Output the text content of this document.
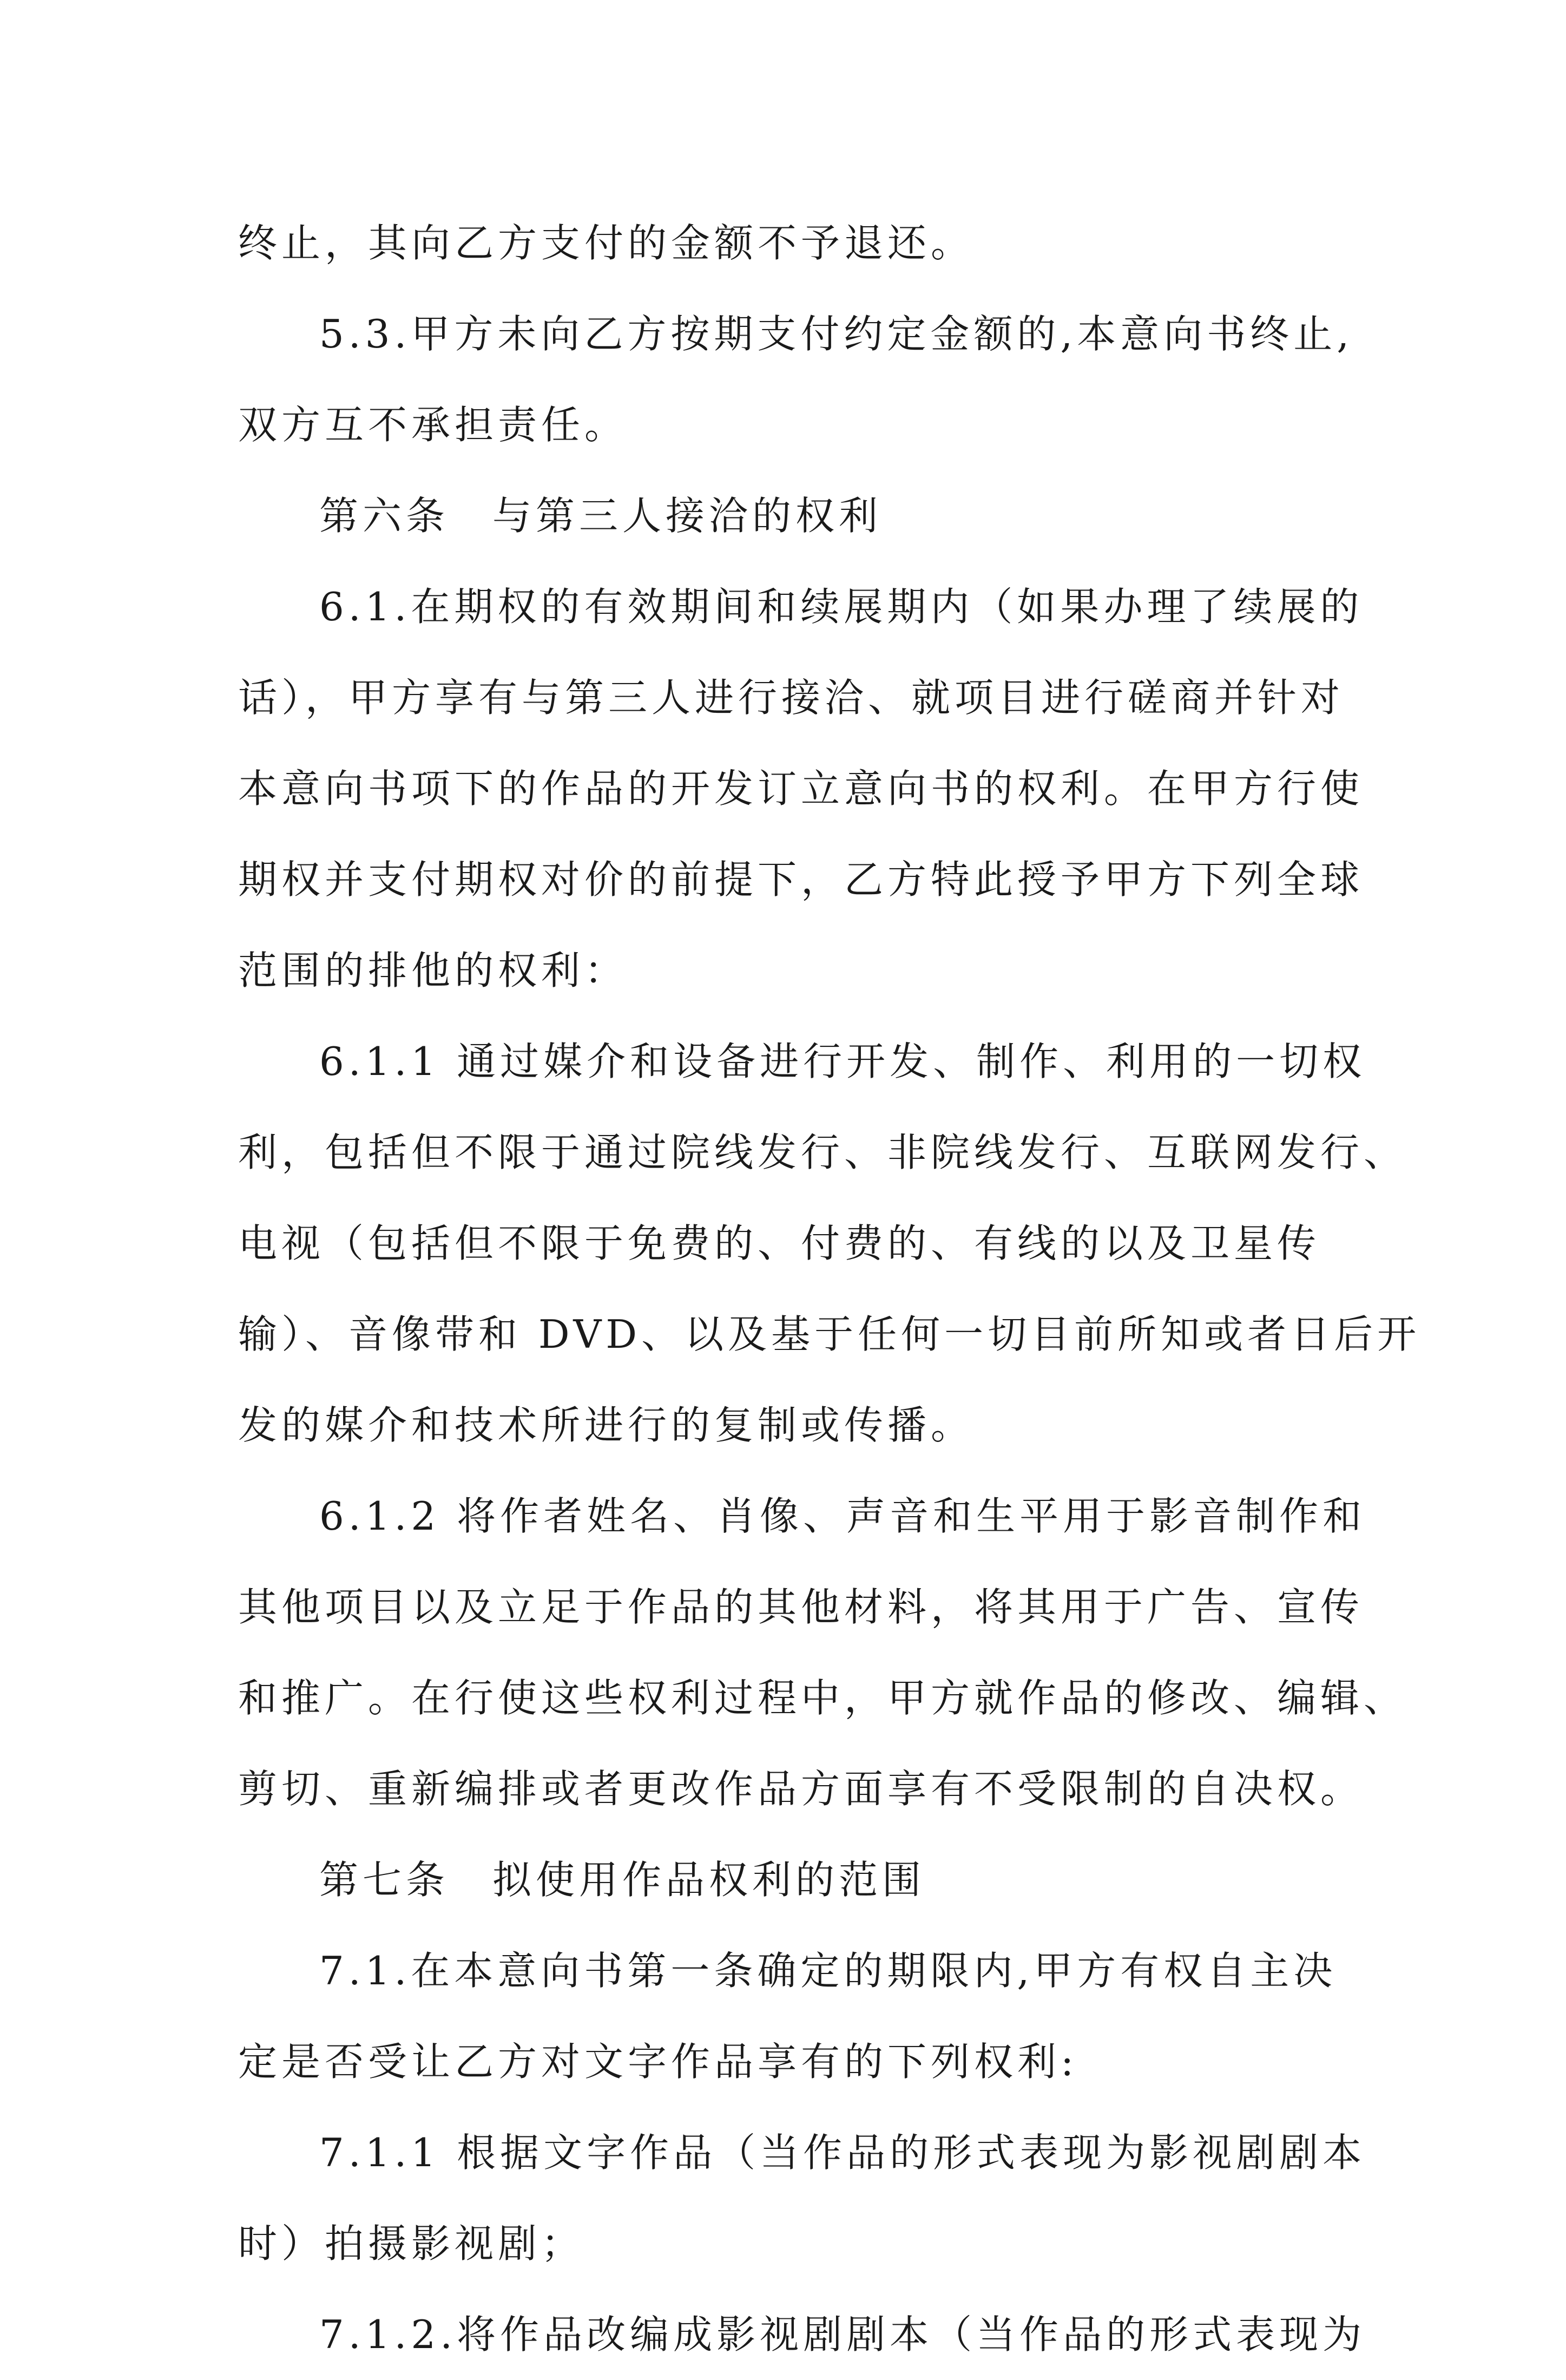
终止，其向乙方支付的金额不予退还。
5.3.甲方未向乙方按期支付约定金额的,本意向书终止,
双方互不承担责任。
第六条　与第三人接洽的权利
6.1.在期权的有效期间和续展期内（如果办理了续展的
话），甲方享有与第三人进行接洽、就项目进行磋商并针对
本意向书项下的作品的开发订立意向书的权利。在甲方行使
期权并支付期权对价的前提下，乙方特此授予甲方下列全球
范围的排他的权利：
6.1.1 通过媒介和设备进行开发、制作、利用的一切权
利，包括但不限于通过院线发行、非院线发行、互联网发行、
电视（包括但不限于免费的、付费的、有线的以及卫星传
输）、音像带和 DVD、以及基于任何一切目前所知或者日后开
发的媒介和技术所进行的复制或传播。
6.1.2 将作者姓名、肖像、声音和生平用于影音制作和
其他项目以及立足于作品的其他材料，将其用于广告、宣传
和推广。在行使这些权利过程中，甲方就作品的修改、编辑、
剪切、重新编排或者更改作品方面享有不受限制的自决权。
第七条　拟使用作品权利的范围
7.1.在本意向书第一条确定的期限内,甲方有权自主决
定是否受让乙方对文字作品享有的下列权利:
7.1.1 根据文字作品（当作品的形式表现为影视剧剧本
时）拍摄影视剧；
7.1.2.将作品改编成影视剧剧本（当作品的形式表现为
